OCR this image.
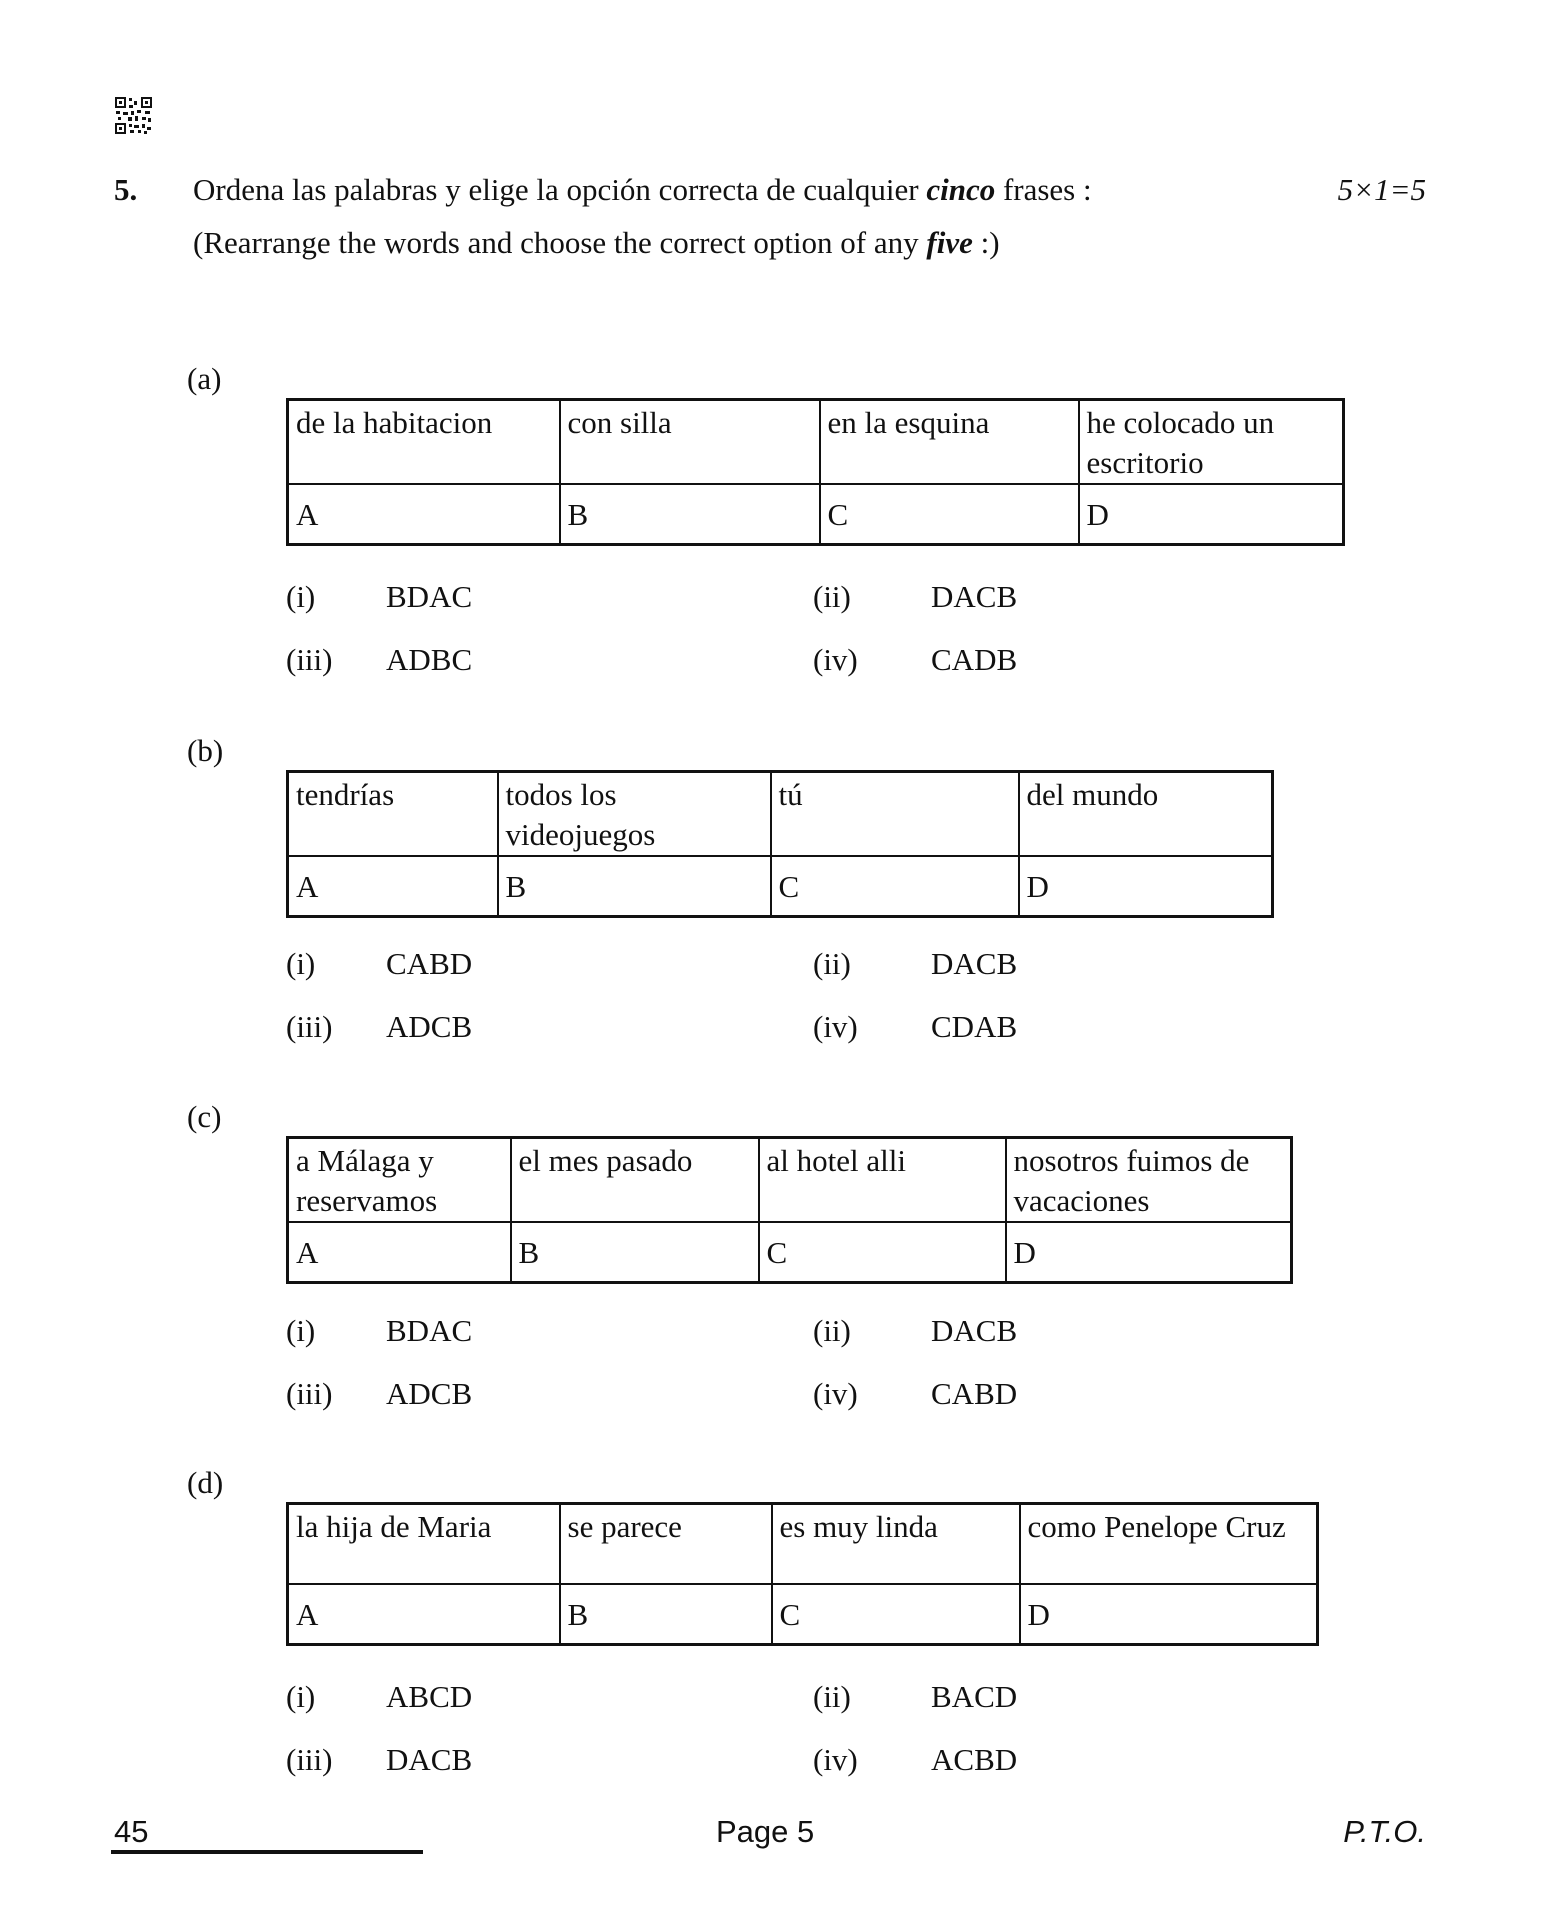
5. Ordena las palabras y elige la opción correcta de cualquier cinco frases :
(Rearrange the words and choose the correct option of any five :)
5×1=5
(a)
de la habitacion	con silla	en la esquina	he colocado un escritorio
A	B	C	D
(i) BDAC	(ii)	DACB
(iii) ADBC	(iv) CADB
(b)
tendrías	todos los videojuegos	tú	del mundo
A	B	C	D
(i) CABD	(ii)	DACB
(iii) ADCB	(iv) CDAB
(c)
a Málaga y reservamos	el mes pasado	al hotel alli	nosotros fuimos de vacaciones
A	B	C	D
(i) BDAC	(ii)	DACB
(iii) ADCB	(iv) CABD
(d)
la hija de Maria	se parece	es muy linda	como Penelope Cruz
A	B	C	D
(i) ABCD	(ii)	BACD
(iii) DACB	(iv) ACBD
45	Page 5	P.T.O.
